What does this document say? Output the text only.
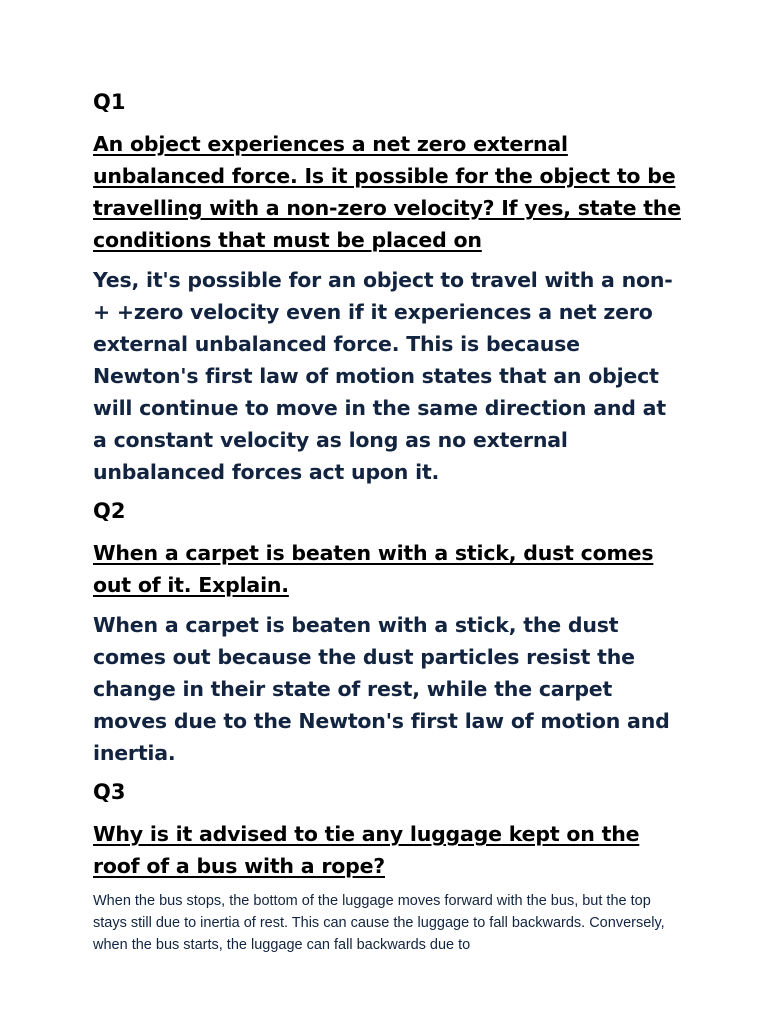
Q1
An object experiences a net zero external unbalanced force. Is it possible for the object to be travelling with a non-zero velocity? If yes, state the conditions that must be placed on
Yes, it's possible for an object to travel with a non-+ +zero velocity even if it experiences a net zero external unbalanced force. This is because Newton's first law of motion states that an object will continue to move in the same direction and at a constant velocity as long as no external unbalanced forces act upon it.
Q2
When a carpet is beaten with a stick, dust comes out of it. Explain.
When a carpet is beaten with a stick, the dust comes out because the dust particles resist the change in their state of rest, while the carpet moves due to the Newton's first law of motion and inertia.
Q3
Why is it advised to tie any luggage kept on the roof of a bus with a rope?
When the bus stops, the bottom of the luggage moves forward with the bus, but the top stays still due to inertia of rest. This can cause the luggage to fall backwards. Conversely, when the bus starts, the luggage can fall backwards due to
